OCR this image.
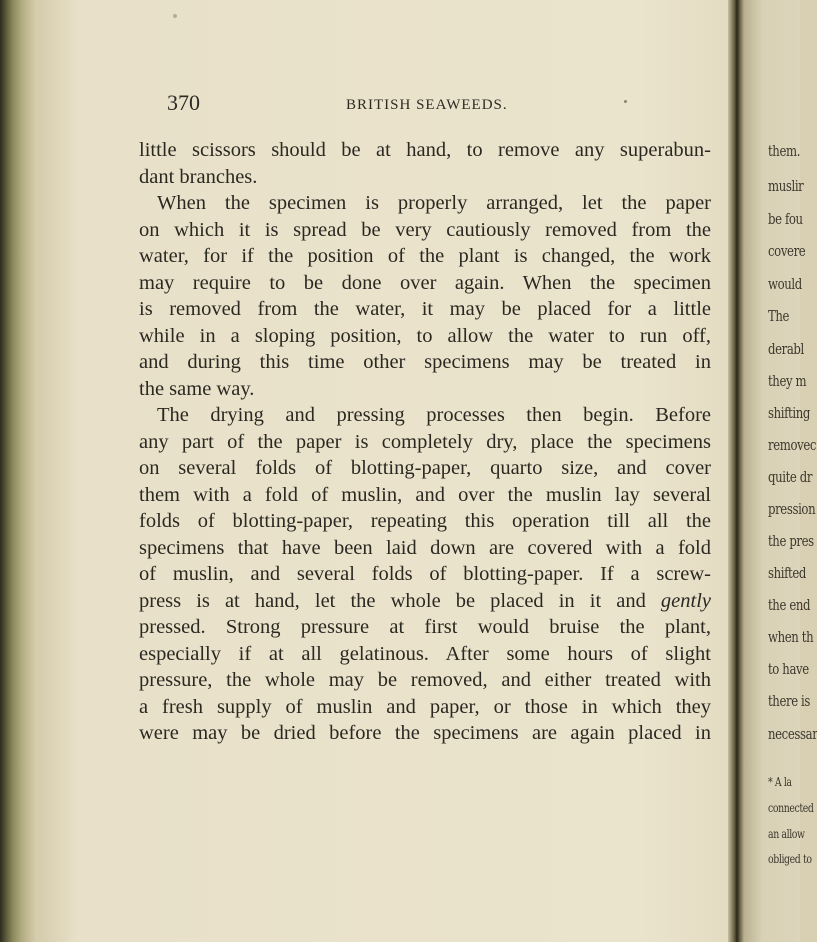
370	BRITISH SEAWEEDS.
little scissors should be at hand, to remove any superabun-
dant branches.
When the specimen is properly arranged, let the paper
on which it is spread be very cautiously removed from the
water, for if the position of the plant is changed, the work
may require to be done over again. When the specimen
is removed from the water, it may be placed for a little
while in a sloping position, to allow the water to run off,
and during this time other specimens may be treated in
the same way.
The drying and pressing processes then begin. Before
any part of the paper is completely dry, place the specimens
on several folds of blotting-paper, quarto size, and cover
them with a fold of muslin, and over the muslin lay several
folds of blotting-paper, repeating this operation till all the
specimens that have been laid down are covered with a fold
of muslin, and several folds of blotting-paper. If a screw-
press is at hand, let the whole be placed in it and gently
pressed. Strong pressure at first would bruise the plant,
especially if at all gelatinous. After some hours of slight
pressure, the whole may be removed, and either treated with
a fresh supply of muslin and paper, or those in which they
were may be dried before the specimens are again placed in
them.
muslir
be fou
covere
would
The
derabl
they m
shifting
removec
quite dr
pression
the pres
shifted
the end
when th
to have
there is
necessar
* A la
connected
an allow
obliged to
